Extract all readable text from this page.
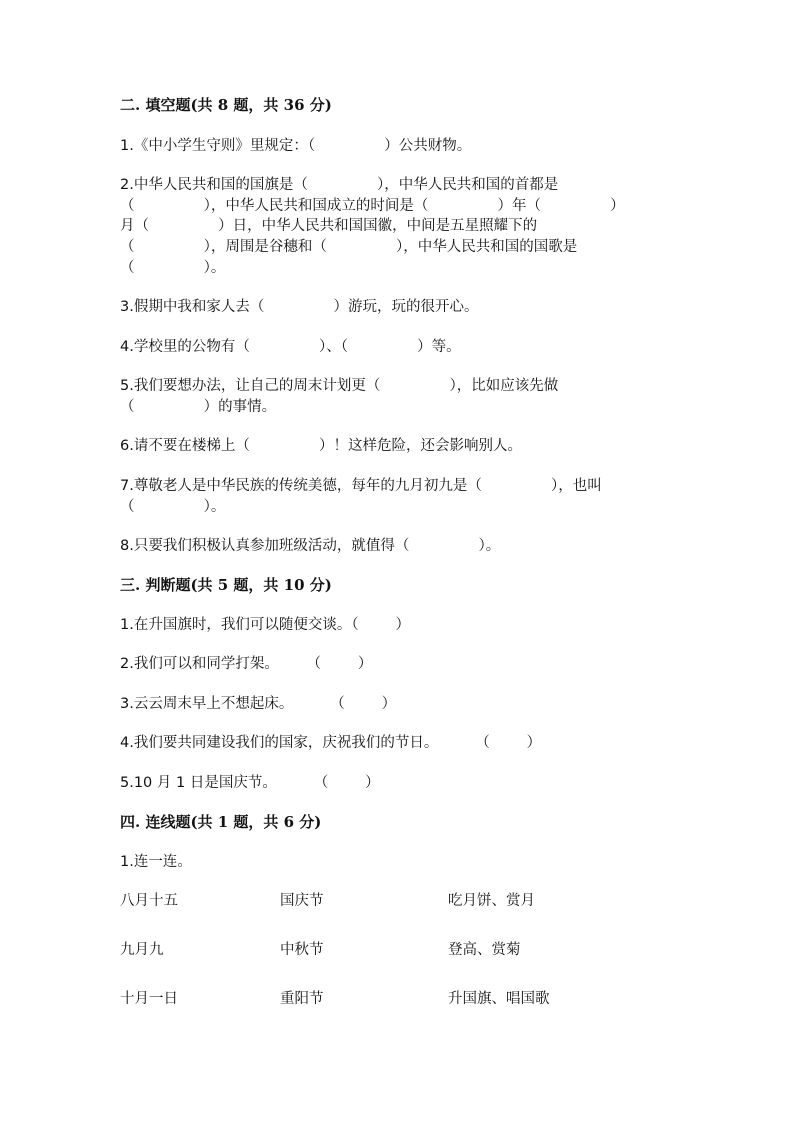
二. 填空题(共 8 题，共 36 分)
1.《中小学生守则》里规定：（               ）公共财物。
2.中华人民共和国的国旗是（               ），中华人民共和国的首都是
（               ），中华人民共和国成立的时间是（               ）年（               ）
月（               ）日，中华人民共和国国徽，中间是五星照耀下的
（               ），周围是谷穗和（               ），中华人民共和国的国歌是
（               ）。
3.假期中我和家人去（               ）游玩，玩的很开心。
4.学校里的公物有（               ）、（               ）等。
5.我们要想办法，让自己的周末计划更（               ），比如应该先做
（               ）的事情。
6.请不要在楼梯上（               ）！这样危险，还会影响别人。
7.尊敬老人是中华民族的传统美德，每年的九月初九是（               ），也叫
（               ）。
8.只要我们积极认真参加班级活动，就值得（               ）。
三. 判断题(共 5 题，共 10 分)
1.在升国旗时，我们可以随便交谈。（        ）
2.我们可以和同学打架。      （        ）
3.云云周末早上不想起床。        （        ）
4.我们要共同建设我们的国家，庆祝我们的节日。        （        ）
5.10 月 1 日是国庆节。        （        ）
四. 连线题(共 1 题，共 6 分)
1.连一连。
八月十五	国庆节	吃月饼、赏月
九月九	中秋节	登高、赏菊
十月一日	重阳节	升国旗、唱国歌
